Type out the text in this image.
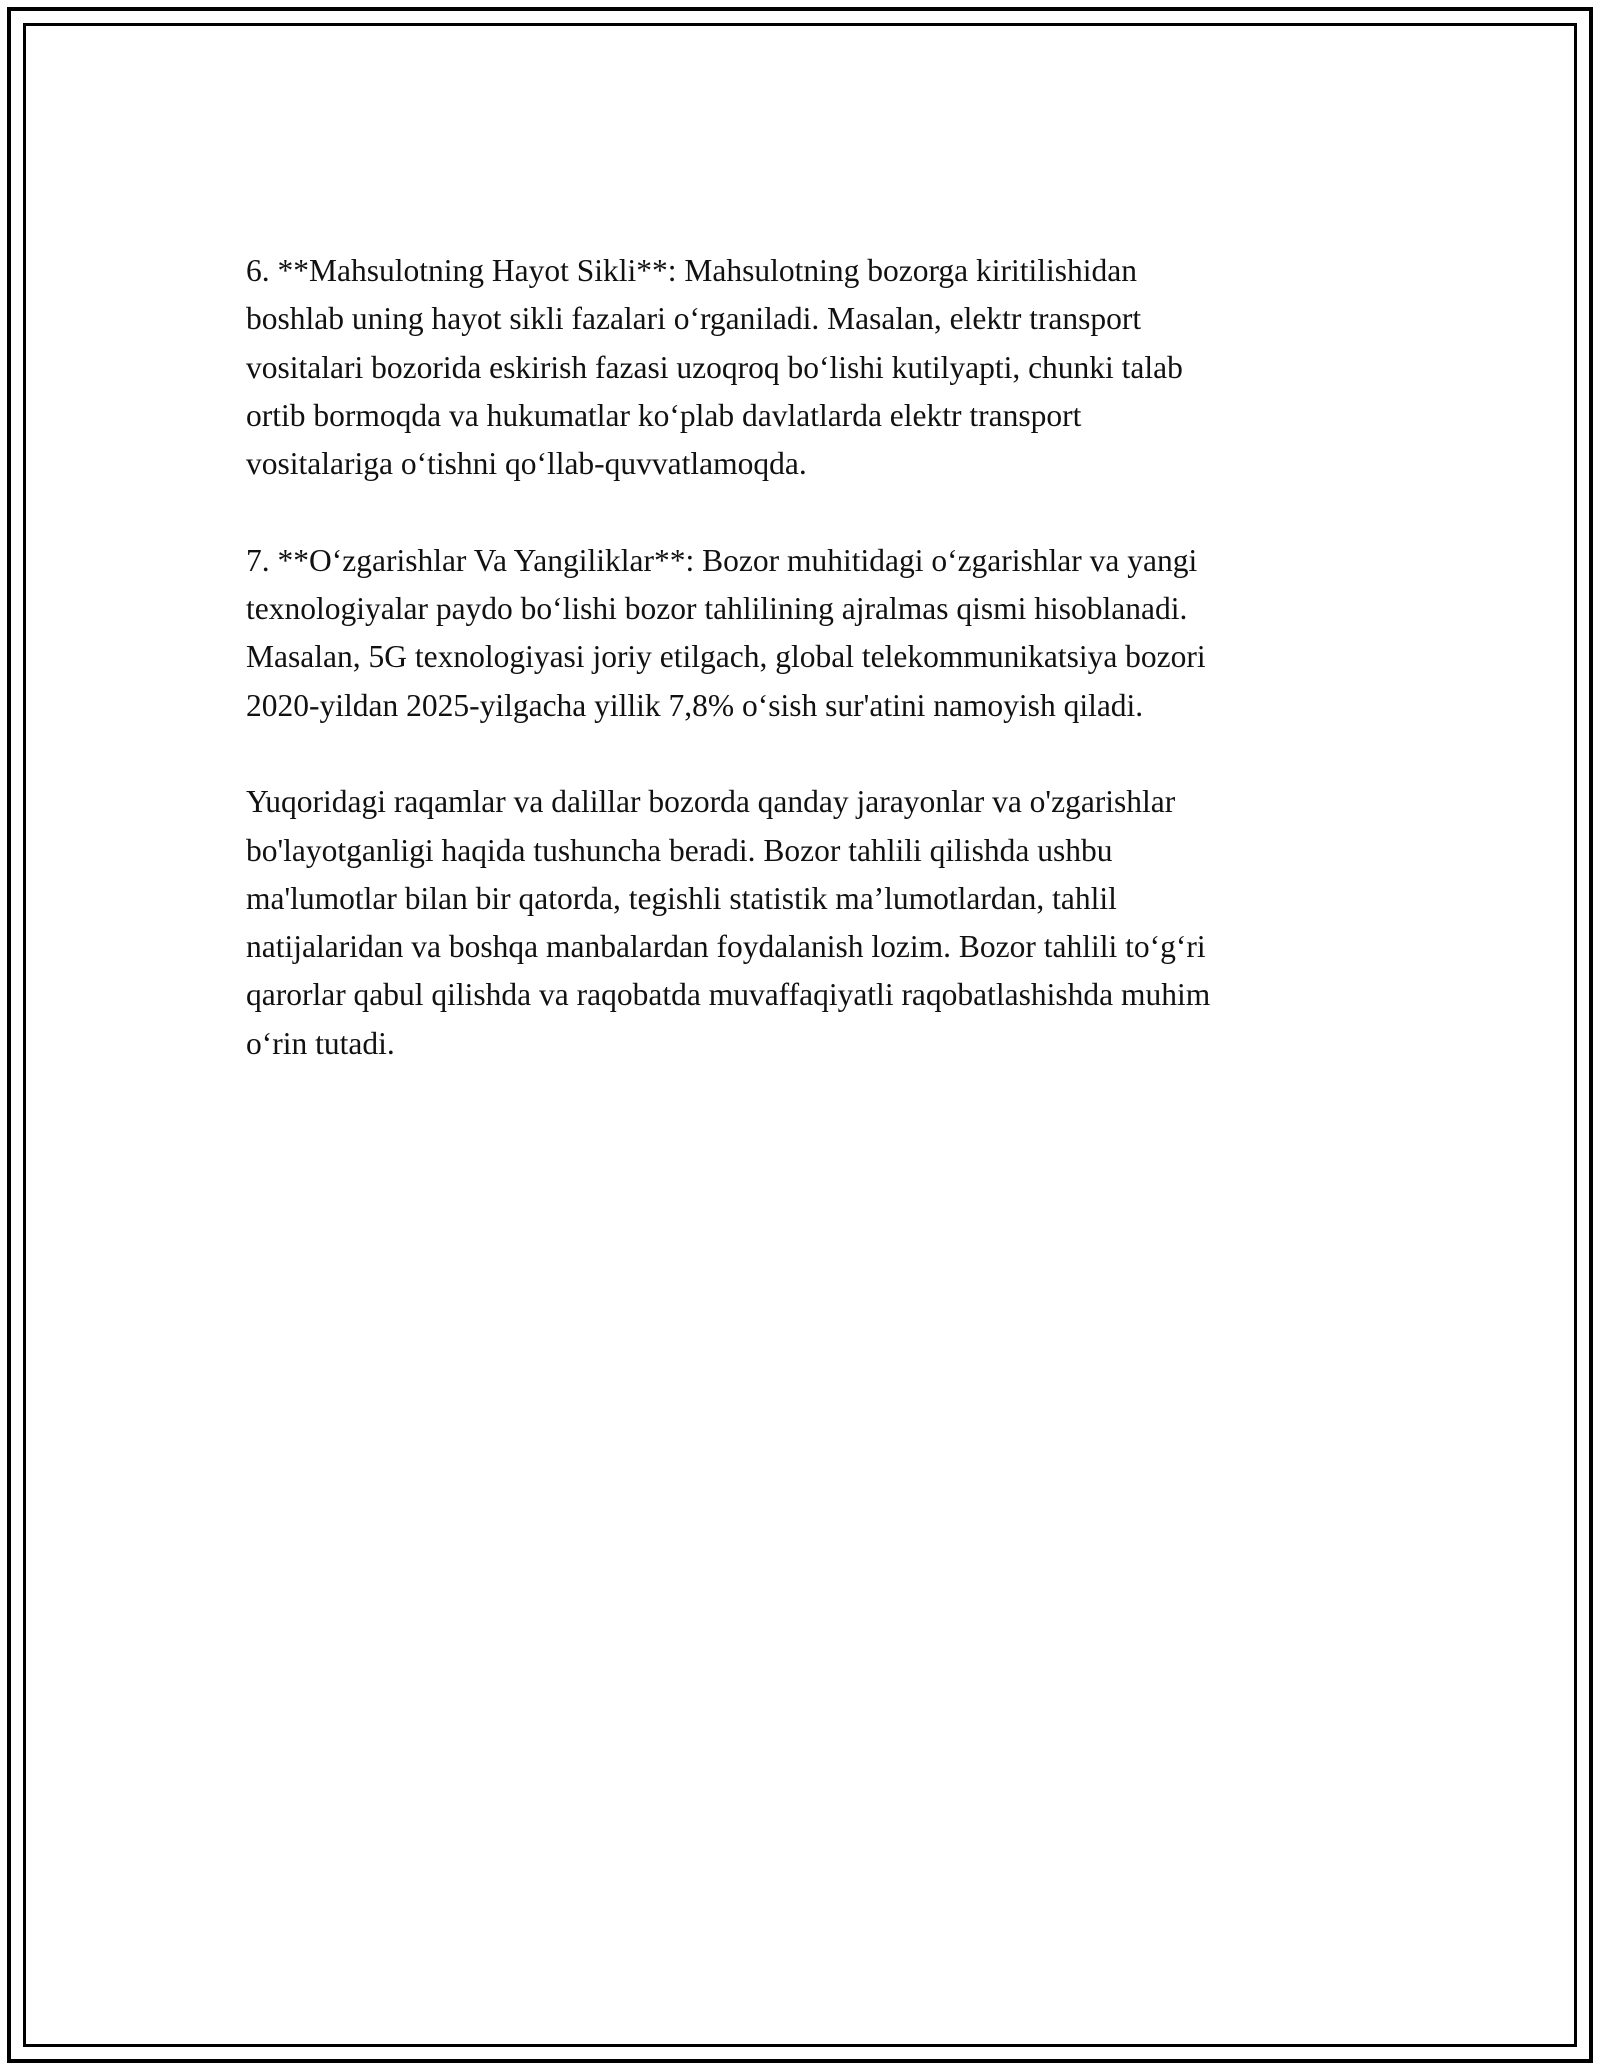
6. **Mahsulotning Hayot Sikli**: Mahsulotning bozorga kiritilishidan
boshlab uning hayot sikli fazalari o‘rganiladi. Masalan, elektr transport
vositalari bozorida eskirish fazasi uzoqroq bo‘lishi kutilyapti, chunki talab
ortib bormoqda va hukumatlar ko‘plab davlatlarda elektr transport
vositalariga o‘tishni qo‘llab-quvvatlamoqda.
7. **O‘zgarishlar Va Yangiliklar**: Bozor muhitidagi o‘zgarishlar va yangi
texnologiyalar paydo bo‘lishi bozor tahlilining ajralmas qismi hisoblanadi.
Masalan, 5G texnologiyasi joriy etilgach, global telekommunikatsiya bozori
2020-yildan 2025-yilgacha yillik 7,8% o‘sish sur'atini namoyish qiladi.
Yuqoridagi raqamlar va dalillar bozorda qanday jarayonlar va o'zgarishlar
bo'layotganligi haqida tushuncha beradi. Bozor tahlili qilishda ushbu
ma'lumotlar bilan bir qatorda, tegishli statistik ma’lumotlardan, tahlil
natijalaridan va boshqa manbalardan foydalanish lozim. Bozor tahlili to‘g‘ri
qarorlar qabul qilishda va raqobatda muvaffaqiyatli raqobatlashishda muhim
o‘rin tutadi.
